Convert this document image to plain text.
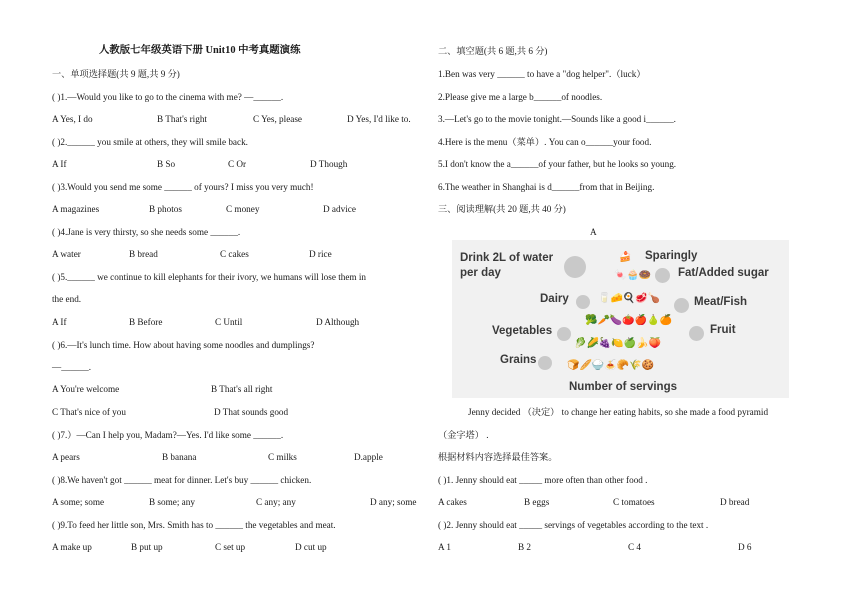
人教版七年级英语下册 Unit10 中考真题演练
一、单项选择题(共 9 题,共 9 分)
( )1.—Would you like to go to the cinema with me? —______.
A Yes, I do	B That's right	C Yes, please	D Yes, I'd like to.
( )2.______ you smile at others, they will smile back.
A If	B So	C Or	D Though
( )3.Would you send me some ______ of yours? I miss you very much!
A magazines	B photos	C money	D advice
( )4.Jane is very thirsty, so she needs some ______.
A water	B bread	C cakes	D rice
( )5.______ we continue to kill elephants for their ivory, we humans will lose them in
the end.
A If	B Before	C Until	D Although
( )6.—It's lunch time. How about having some noodles and dumplings?
—______.
A You're welcome	B That's all right
C That's nice of you	D That sounds good
( )7.）—Can I help you, Madam?—Yes. I'd like some ______.
A pears	B banana	C milks	D.apple
( )8.We haven't got ______ meat for dinner. Let's buy ______ chicken.
A some; some	B some; any	C any; any	D any; some
( )9.To feed her little son, Mrs. Smith has to ______ the vegetables and meat.
A make up	B put up	C set up	D cut up
二、填空题(共 6 题,共 6 分)
1.Ben was very ______ to have a "dog helper".（luck）
2.Please give me a large b______of noodles.
3.—Let's go to the movie tonight.—Sounds like a good i______.
4.Here is the menu（菜单）. You can o______your food.
5.I don't know the a______of your father, but he looks so young.
6.The weather in Shanghai is d______from that in Beijing.
三、阅读理解(共 20 题,共 40 分)
A
Jenny decided （决定） to change her eating habits, so she made a food pyramid
（金字塔） .
根据材料内容选择最佳答案。
( )1. Jenny should eat _____ more often than other food .
A cakes	B eggs	C tomatoes	D bread
( )2. Jenny should eat _____ servings of vegetables according to the text .
A 1	B 2	C 4	D 6
Drink 2L of water
per day
Sparingly
Fat/Added sugar
Dairy	Meat/Fish
Vegetables	Fruit
Grains
🍰
🍬🧁🍩
🥛🧀🍳🥩🍗
🥦🥕🍆🍅🍎🍐🍊
🥬🌽🍇🍋🍏🍌🍑
🍞🥖🍚🍝🥐🌾🍪
Number of servings
